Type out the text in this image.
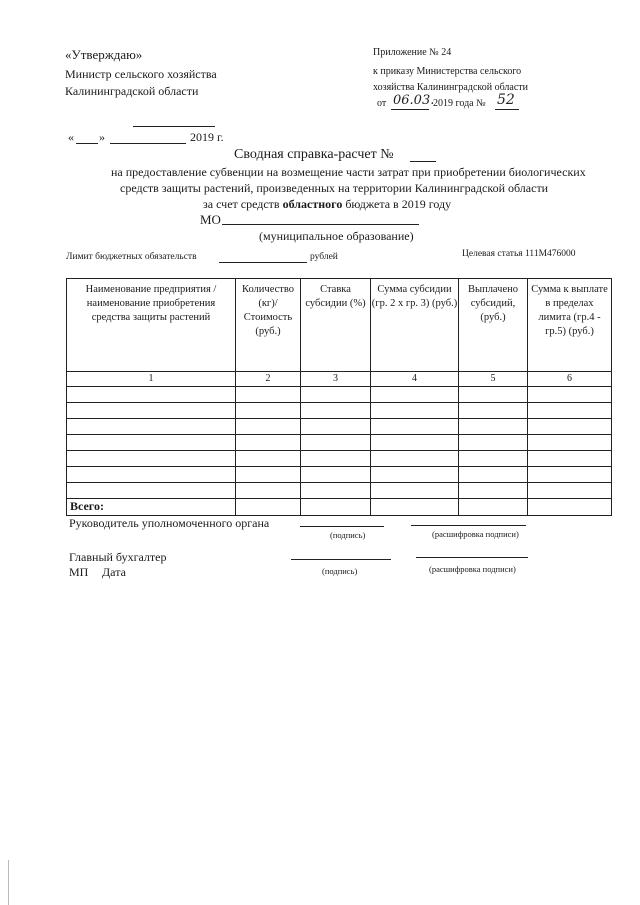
«Утверждаю»
Министр сельского хозяйства
Калининградской области
« »	2019 г.
Приложение № 24
к приказу Министерства сельского
хозяйства Калининградской области
от 06.03.
2019 года № 52
Сводная справка-расчет №
на предоставление субвенции на возмещение части затрат при приобретении биологических
средств защиты растений, произведенных на территории Калининградской области
за счет средств областного бюджета в 2019 году
МО
(муниципальное образование)
Лимит бюджетных обязательств	рублей	Целевая статья 111М476000
Наименование предприятия / наименование приобретения средства защиты растений	Количество (кг)/ Стоимость (руб.)	Ставка субсидии (%)	Сумма субсидии (гр. 2 х гр. 3) (руб.)	Выплачено субсидий, (руб.)	Сумма к выплате в пределах лимита (гр.4 - гр.5) (руб.)
1	2	3	4	5	6

Всего:					
Руководитель уполномоченного органа
(подпись)	(расшифровка подписи)
Главный бухгалтер
(подпись)	(расшифровка подписи)
МП Дата
